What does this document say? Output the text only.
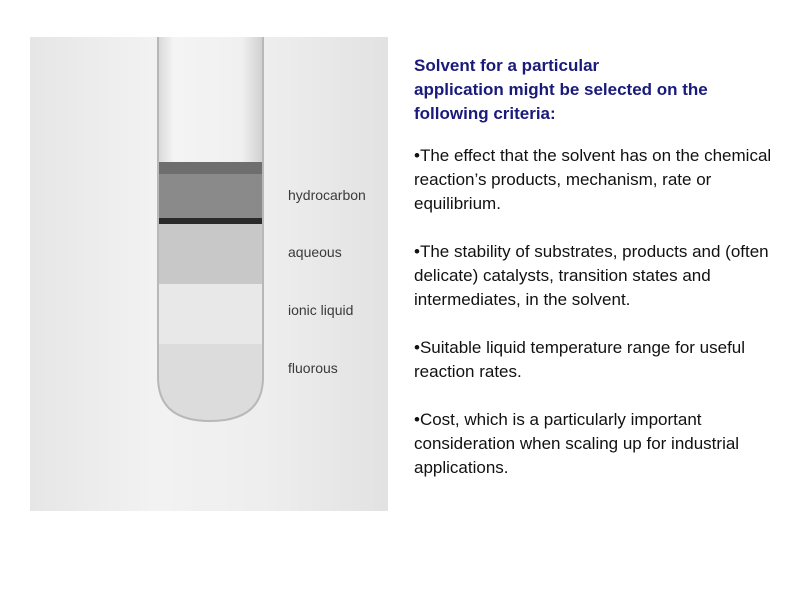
hydrocarbon
aqueous
ionic liquid
fluorous
Solvent for a particular
application might be selected on the
following criteria:
•The effect that the solvent has on the chemical reaction’s products, mechanism, rate or equilibrium.
•The stability of substrates, products and (often delicate) catalysts, transition states and intermediates, in the solvent.
•Suitable liquid temperature range for useful reaction rates.
•Cost, which is a particularly important consideration when scaling up for industrial applications.
